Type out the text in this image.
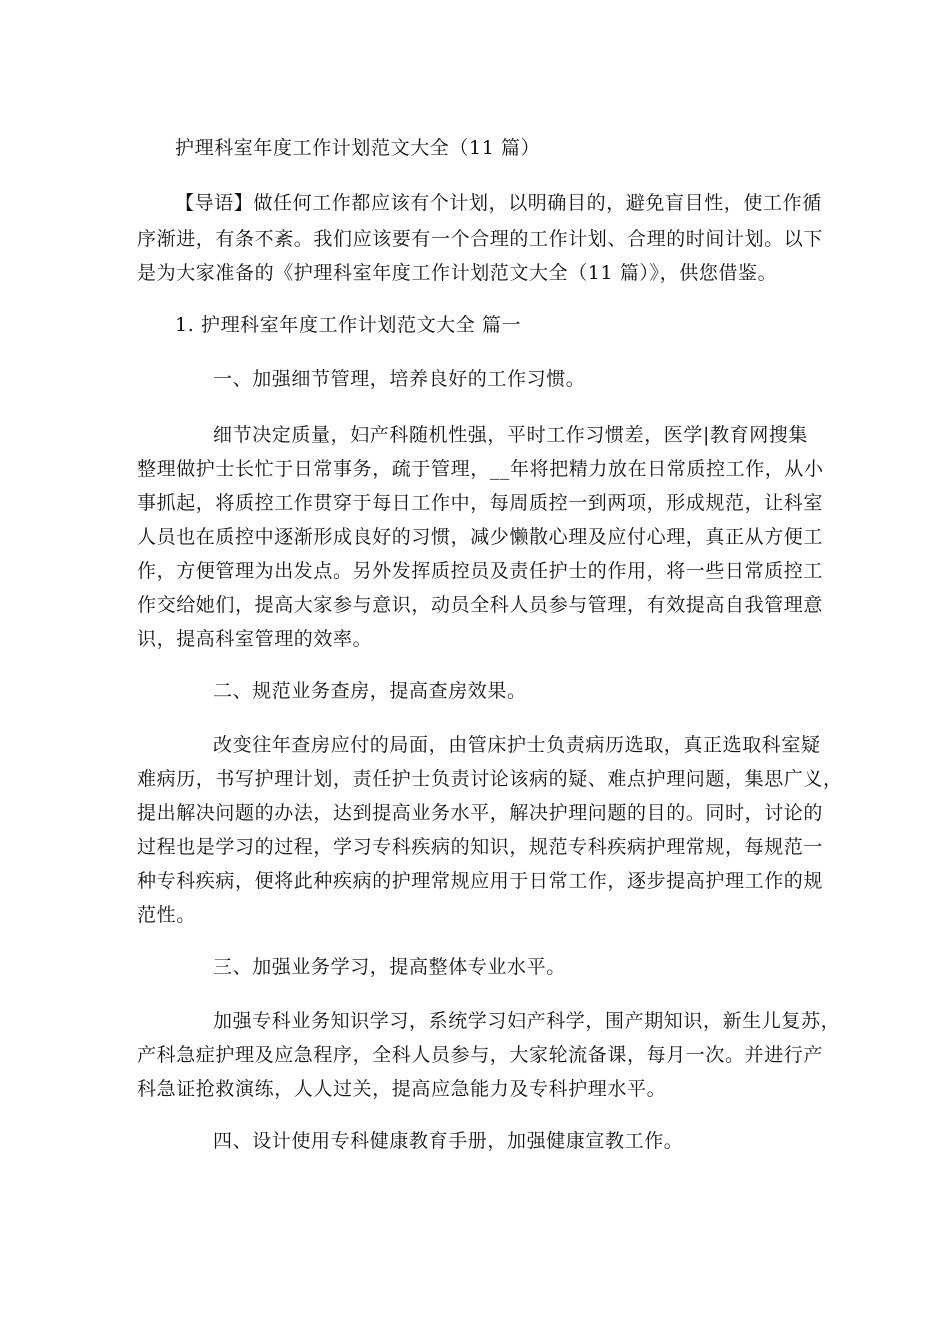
护理科室年度工作计划范文大全（11 篇）
【导语】做任何工作都应该有个计划，以明确目的，避免盲目性，使工作循
序渐进，有条不紊。我们应该要有一个合理的工作计划、合理的时间计划。以下
是为大家准备的《护理科室年度工作计划范文大全（11 篇）》，供您借鉴。
1. 护理科室年度工作计划范文大全 篇一
一、加强细节管理，培养良好的工作习惯。
细节决定质量，妇产科随机性强，平时工作习惯差，医学|教育网搜集
整理做护士长忙于日常事务，疏于管理，__年将把精力放在日常质控工作，从小
事抓起，将质控工作贯穿于每日工作中，每周质控一到两项，形成规范，让科室
人员也在质控中逐渐形成良好的习惯，减少懒散心理及应付心理，真正从方便工
作，方便管理为出发点。另外发挥质控员及责任护士的作用，将一些日常质控工
作交给她们，提高大家参与意识，动员全科人员参与管理，有效提高自我管理意
识，提高科室管理的效率。
二、规范业务查房，提高查房效果。
改变往年查房应付的局面，由管床护士负责病历选取，真正选取科室疑
难病历，书写护理计划，责任护士负责讨论该病的疑、难点护理问题，集思广义，
提出解决问题的办法，达到提高业务水平，解决护理问题的目的。同时，讨论的
过程也是学习的过程，学习专科疾病的知识，规范专科疾病护理常规，每规范一
种专科疾病，便将此种疾病的护理常规应用于日常工作，逐步提高护理工作的规
范性。
三、加强业务学习，提高整体专业水平。
加强专科业务知识学习，系统学习妇产科学，围产期知识，新生儿复苏，
产科急症护理及应急程序，全科人员参与，大家轮流备课，每月一次。并进行产
科急证抢救演练，人人过关，提高应急能力及专科护理水平。
四、设计使用专科健康教育手册，加强健康宣教工作。
